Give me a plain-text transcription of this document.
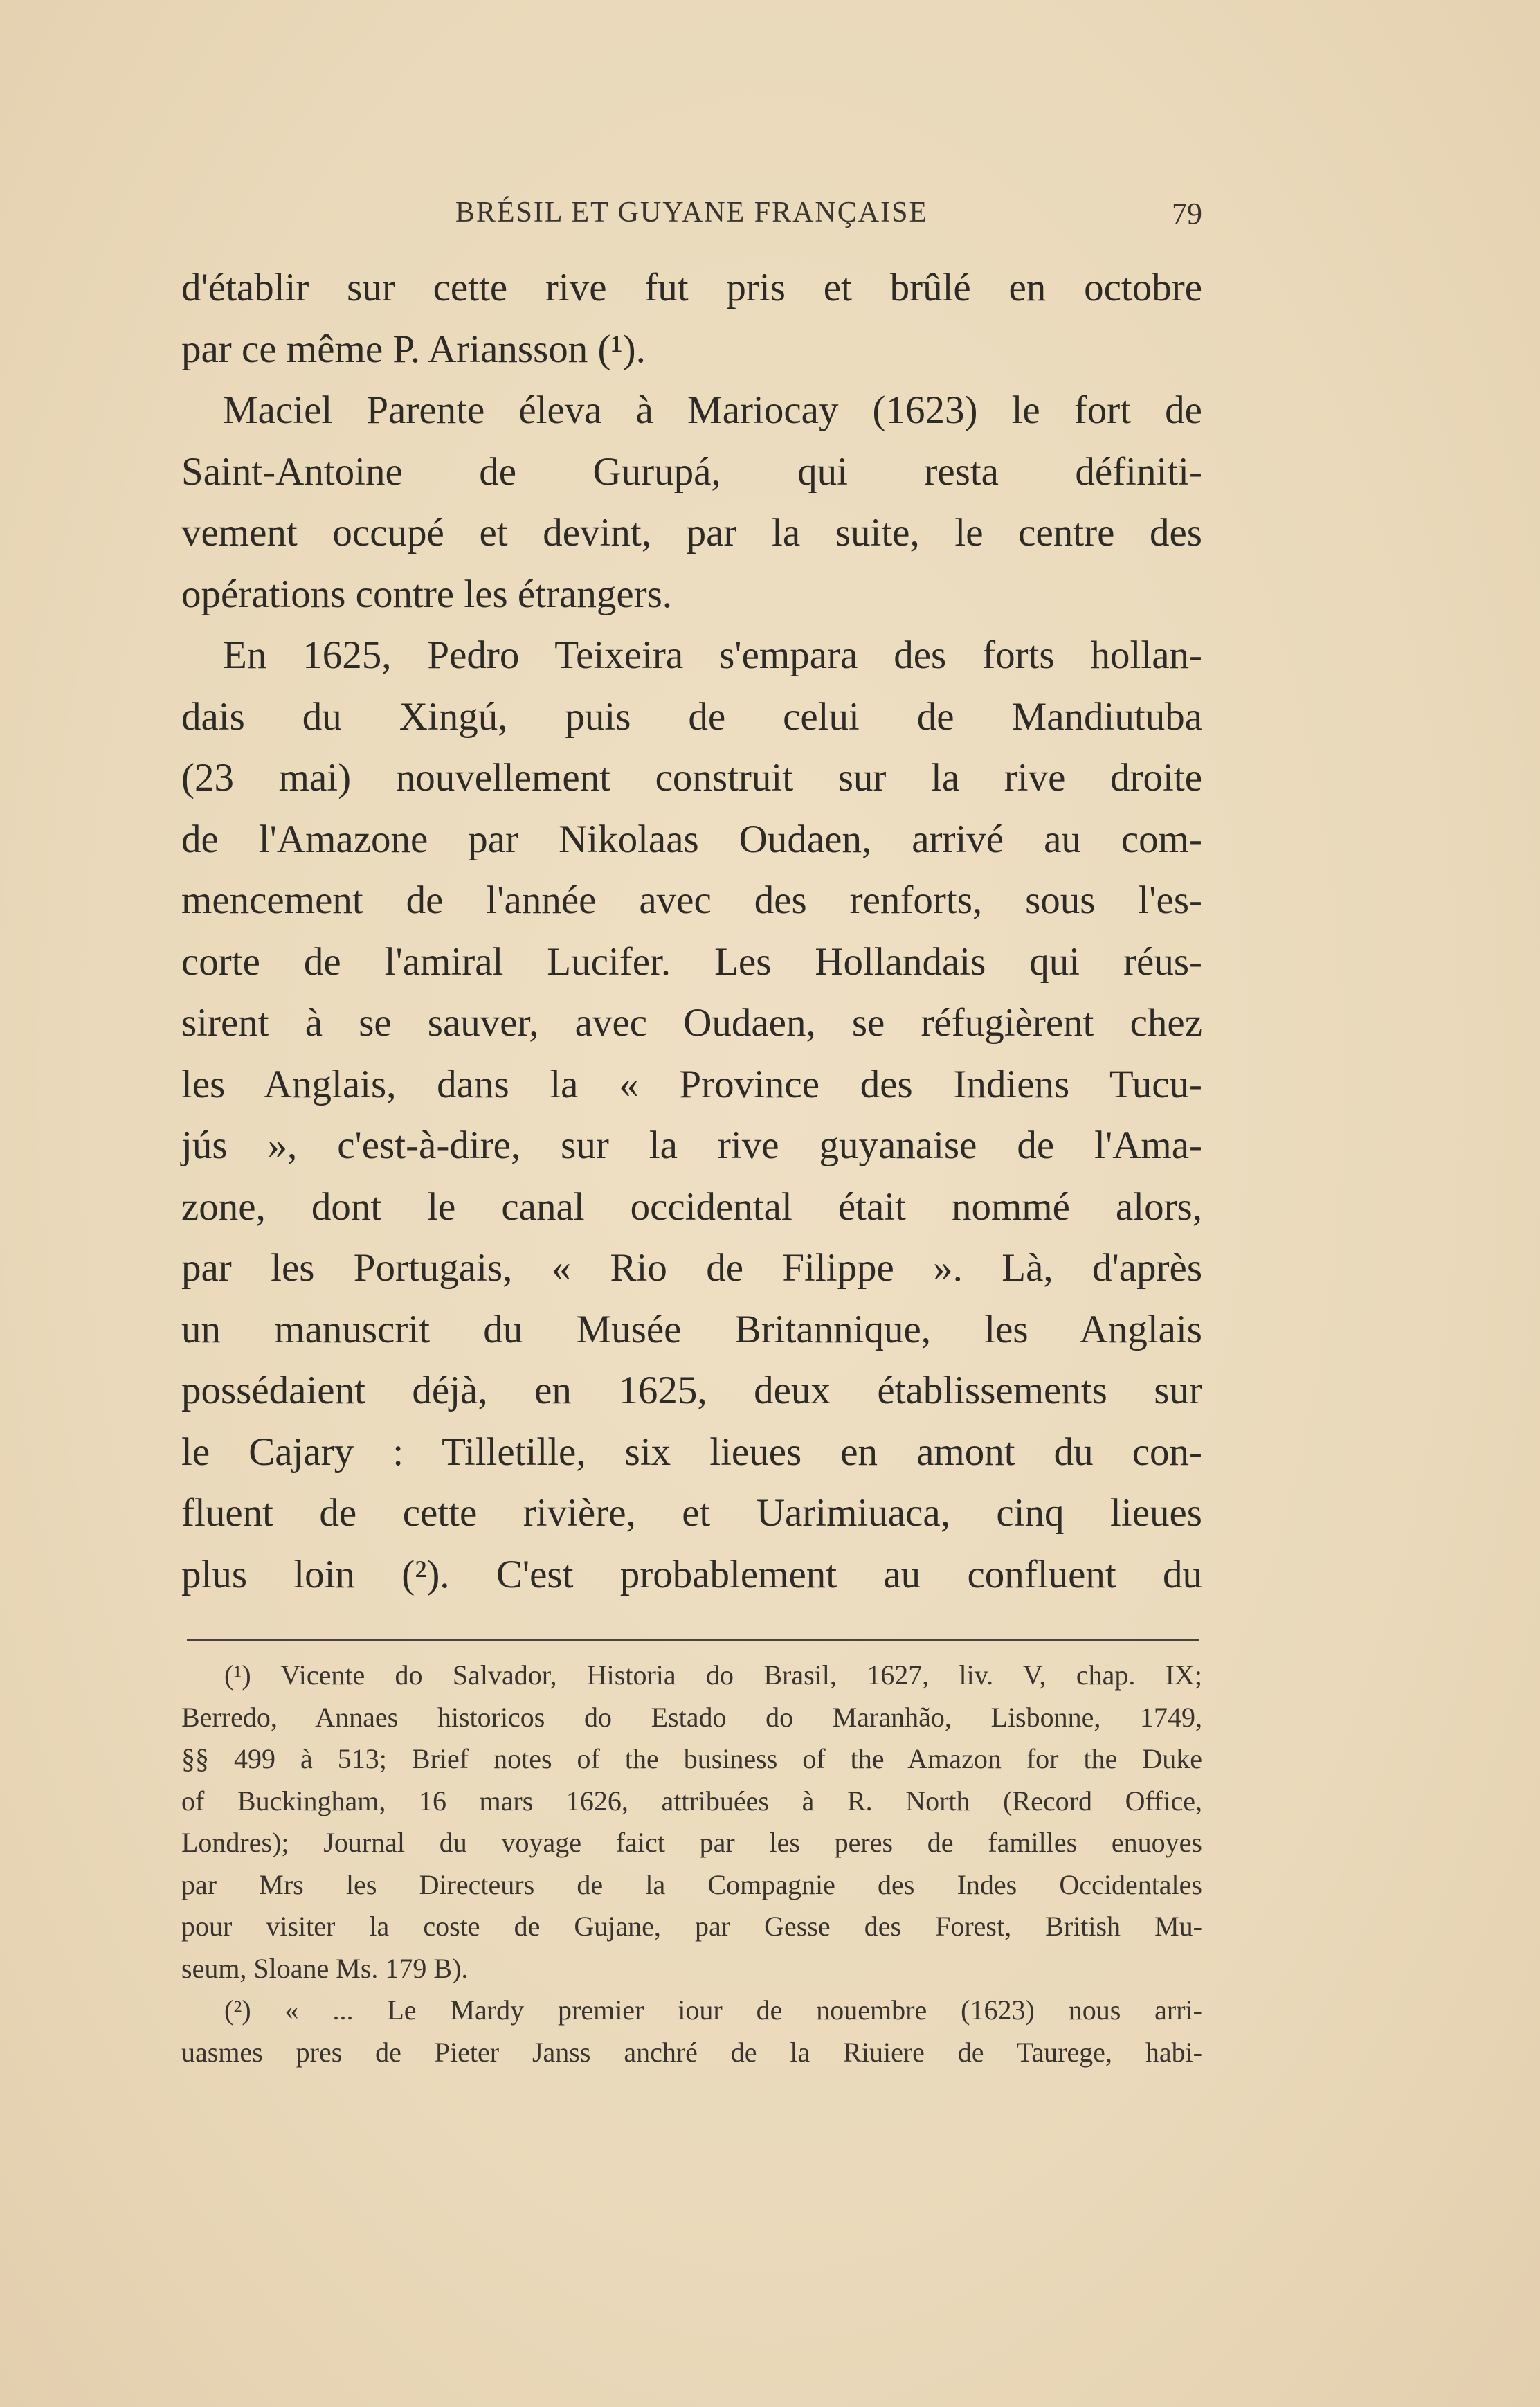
BRÉSIL ET GUYANE FRANÇAISE	79
d'établir sur cette rive fut pris et brûlé en octobre
par ce même P. Ariansson (¹).
Maciel Parente éleva à Mariocay (1623) le fort de
Saint-Antoine de Gurupá, qui resta définiti-
vement occupé et devint, par la suite, le centre des
opérations contre les étrangers.
En 1625, Pedro Teixeira s'empara des forts hollan-
dais du Xingú, puis de celui de Mandiutuba
(23 mai) nouvellement construit sur la rive droite
de l'Amazone par Nikolaas Oudaen, arrivé au com-
mencement de l'année avec des renforts, sous l'es-
corte de l'amiral Lucifer. Les Hollandais qui réus-
sirent à se sauver, avec Oudaen, se réfugièrent chez
les Anglais, dans la « Province des Indiens Tucu-
jús », c'est-à-dire, sur la rive guyanaise de l'Ama-
zone, dont le canal occidental était nommé alors,
par les Portugais, « Rio de Filippe ». Là, d'après
un manuscrit du Musée Britannique, les Anglais
possédaient déjà, en 1625, deux établissements sur
le Cajary : Tilletille, six lieues en amont du con-
fluent de cette rivière, et Uarimiuaca, cinq lieues
plus loin (²). C'est probablement au confluent du
(¹) Vicente do Salvador, Historia do Brasil, 1627, liv. V, chap. IX;
Berredo, Annaes historicos do Estado do Maranhão, Lisbonne, 1749,
§§ 499 à 513; Brief notes of the business of the Amazon for the Duke
of Buckingham, 16 mars 1626, attribuées à R. North (Record Office,
Londres); Journal du voyage faict par les peres de familles enuoyes
par Mrs les Directeurs de la Compagnie des Indes Occidentales
pour visiter la coste de Gujane, par Gesse des Forest, British Mu-
seum, Sloane Ms. 179 B).
(²) « ... Le Mardy premier iour de nouembre (1623) nous arri-
uasmes pres de Pieter Janss anchré de la Riuiere de Taurege, habi-
